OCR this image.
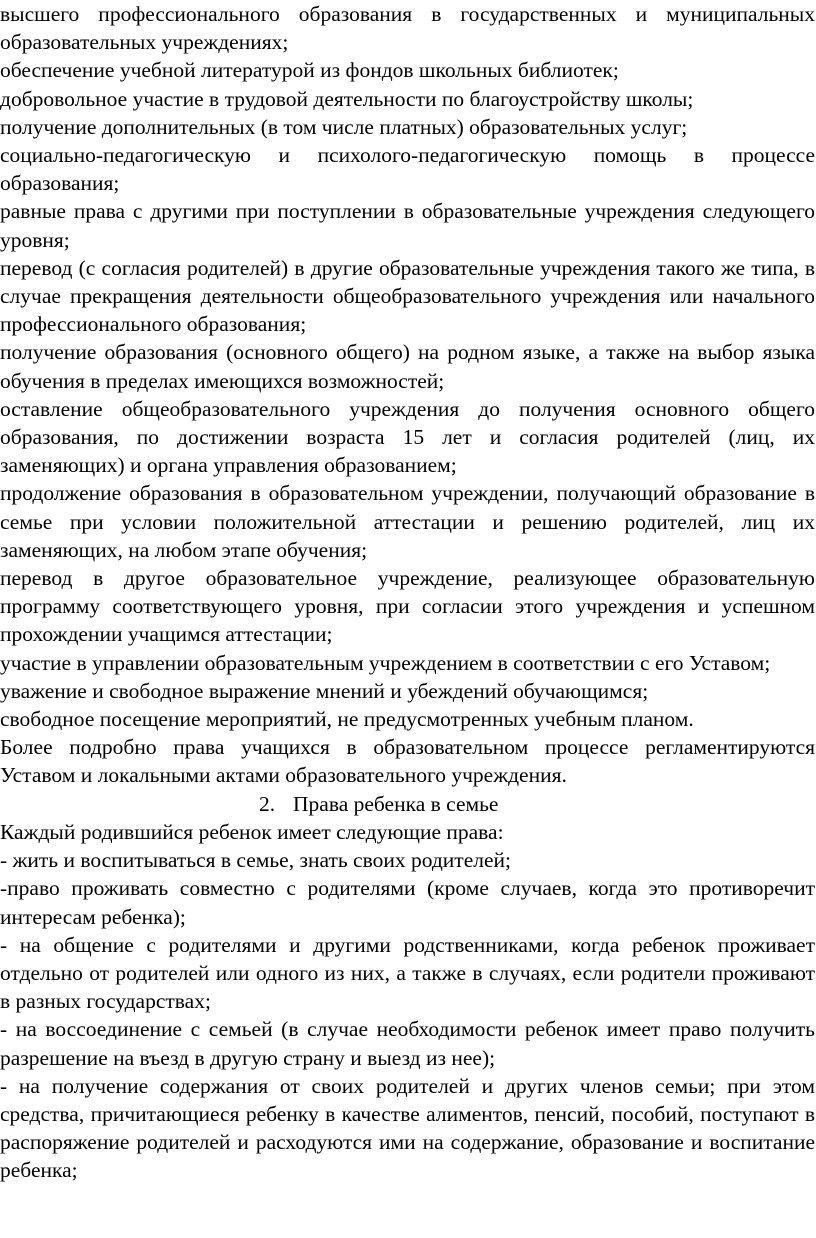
высшего профессионального образования в государственных и муниципальных образовательных учреждениях;

обеспечение учебной литературой из фондов школьных библиотек;

добровольное участие в трудовой деятельности по благоустройству школы;

получение дополнительных (в том числе платных) образовательных услуг;

социально-педагогическую и психолого-педагогическую помощь в процессе образования;

равные права с другими при поступлении в образовательные учреждения следующего уровня;

перевод (с согласия родителей) в другие образовательные учреждения такого же типа, в случае прекращения деятельности общеобразовательного учреждения или начального профессионального образования;

получение образования (основного общего) на родном языке, а также на выбор языка обучения в пределах имеющихся возможностей;

оставление общеобразовательного учреждения до получения основного общего образования, по достижении возраста 15 лет и согласия родителей (лиц, их заменяющих) и органа управления образованием;

продолжение образования в образовательном учреждении, получающий образование в семье при условии положительной аттестации и решению родителей, лиц их заменяющих, на любом этапе обучения;

перевод в другое образовательное учреждение, реализующее образовательную программу соответствующего уровня, при согласии этого учреждения и успешном прохождении учащимся аттестации;

участие в управлении образовательным учреждением в соответствии с его Уставом;

уважение и свободное выражение мнений и убеждений обучающимся;

свободное посещение мероприятий, не предусмотренных учебным планом.

Более подробно права учащихся в образовательном процессе регламентируются Уставом и локальными актами образовательного учреждения.

2. Права ребенка в семье

Каждый родившийся ребенок имеет следующие права:

- жить и воспитываться в семье, знать своих родителей;

-право проживать совместно с родителями (кроме случаев, когда это противоречит интересам ребенка);

- на общение с родителями и другими родственниками, когда ребенок проживает отдельно от родителей или одного из них, а также в случаях, если родители проживают в разных государствах;

- на воссоединение с семьей (в случае необходимости ребенок имеет право получить разрешение на въезд в другую страну и выезд из нее);

- на получение содержания от своих родителей и других членов семьи; при этом средства, причитающиеся ребенку в качестве алиментов, пенсий, пособий, поступают в распоряжение родителей и расходуются ими на содержание, образование и воспитание ребенка;
